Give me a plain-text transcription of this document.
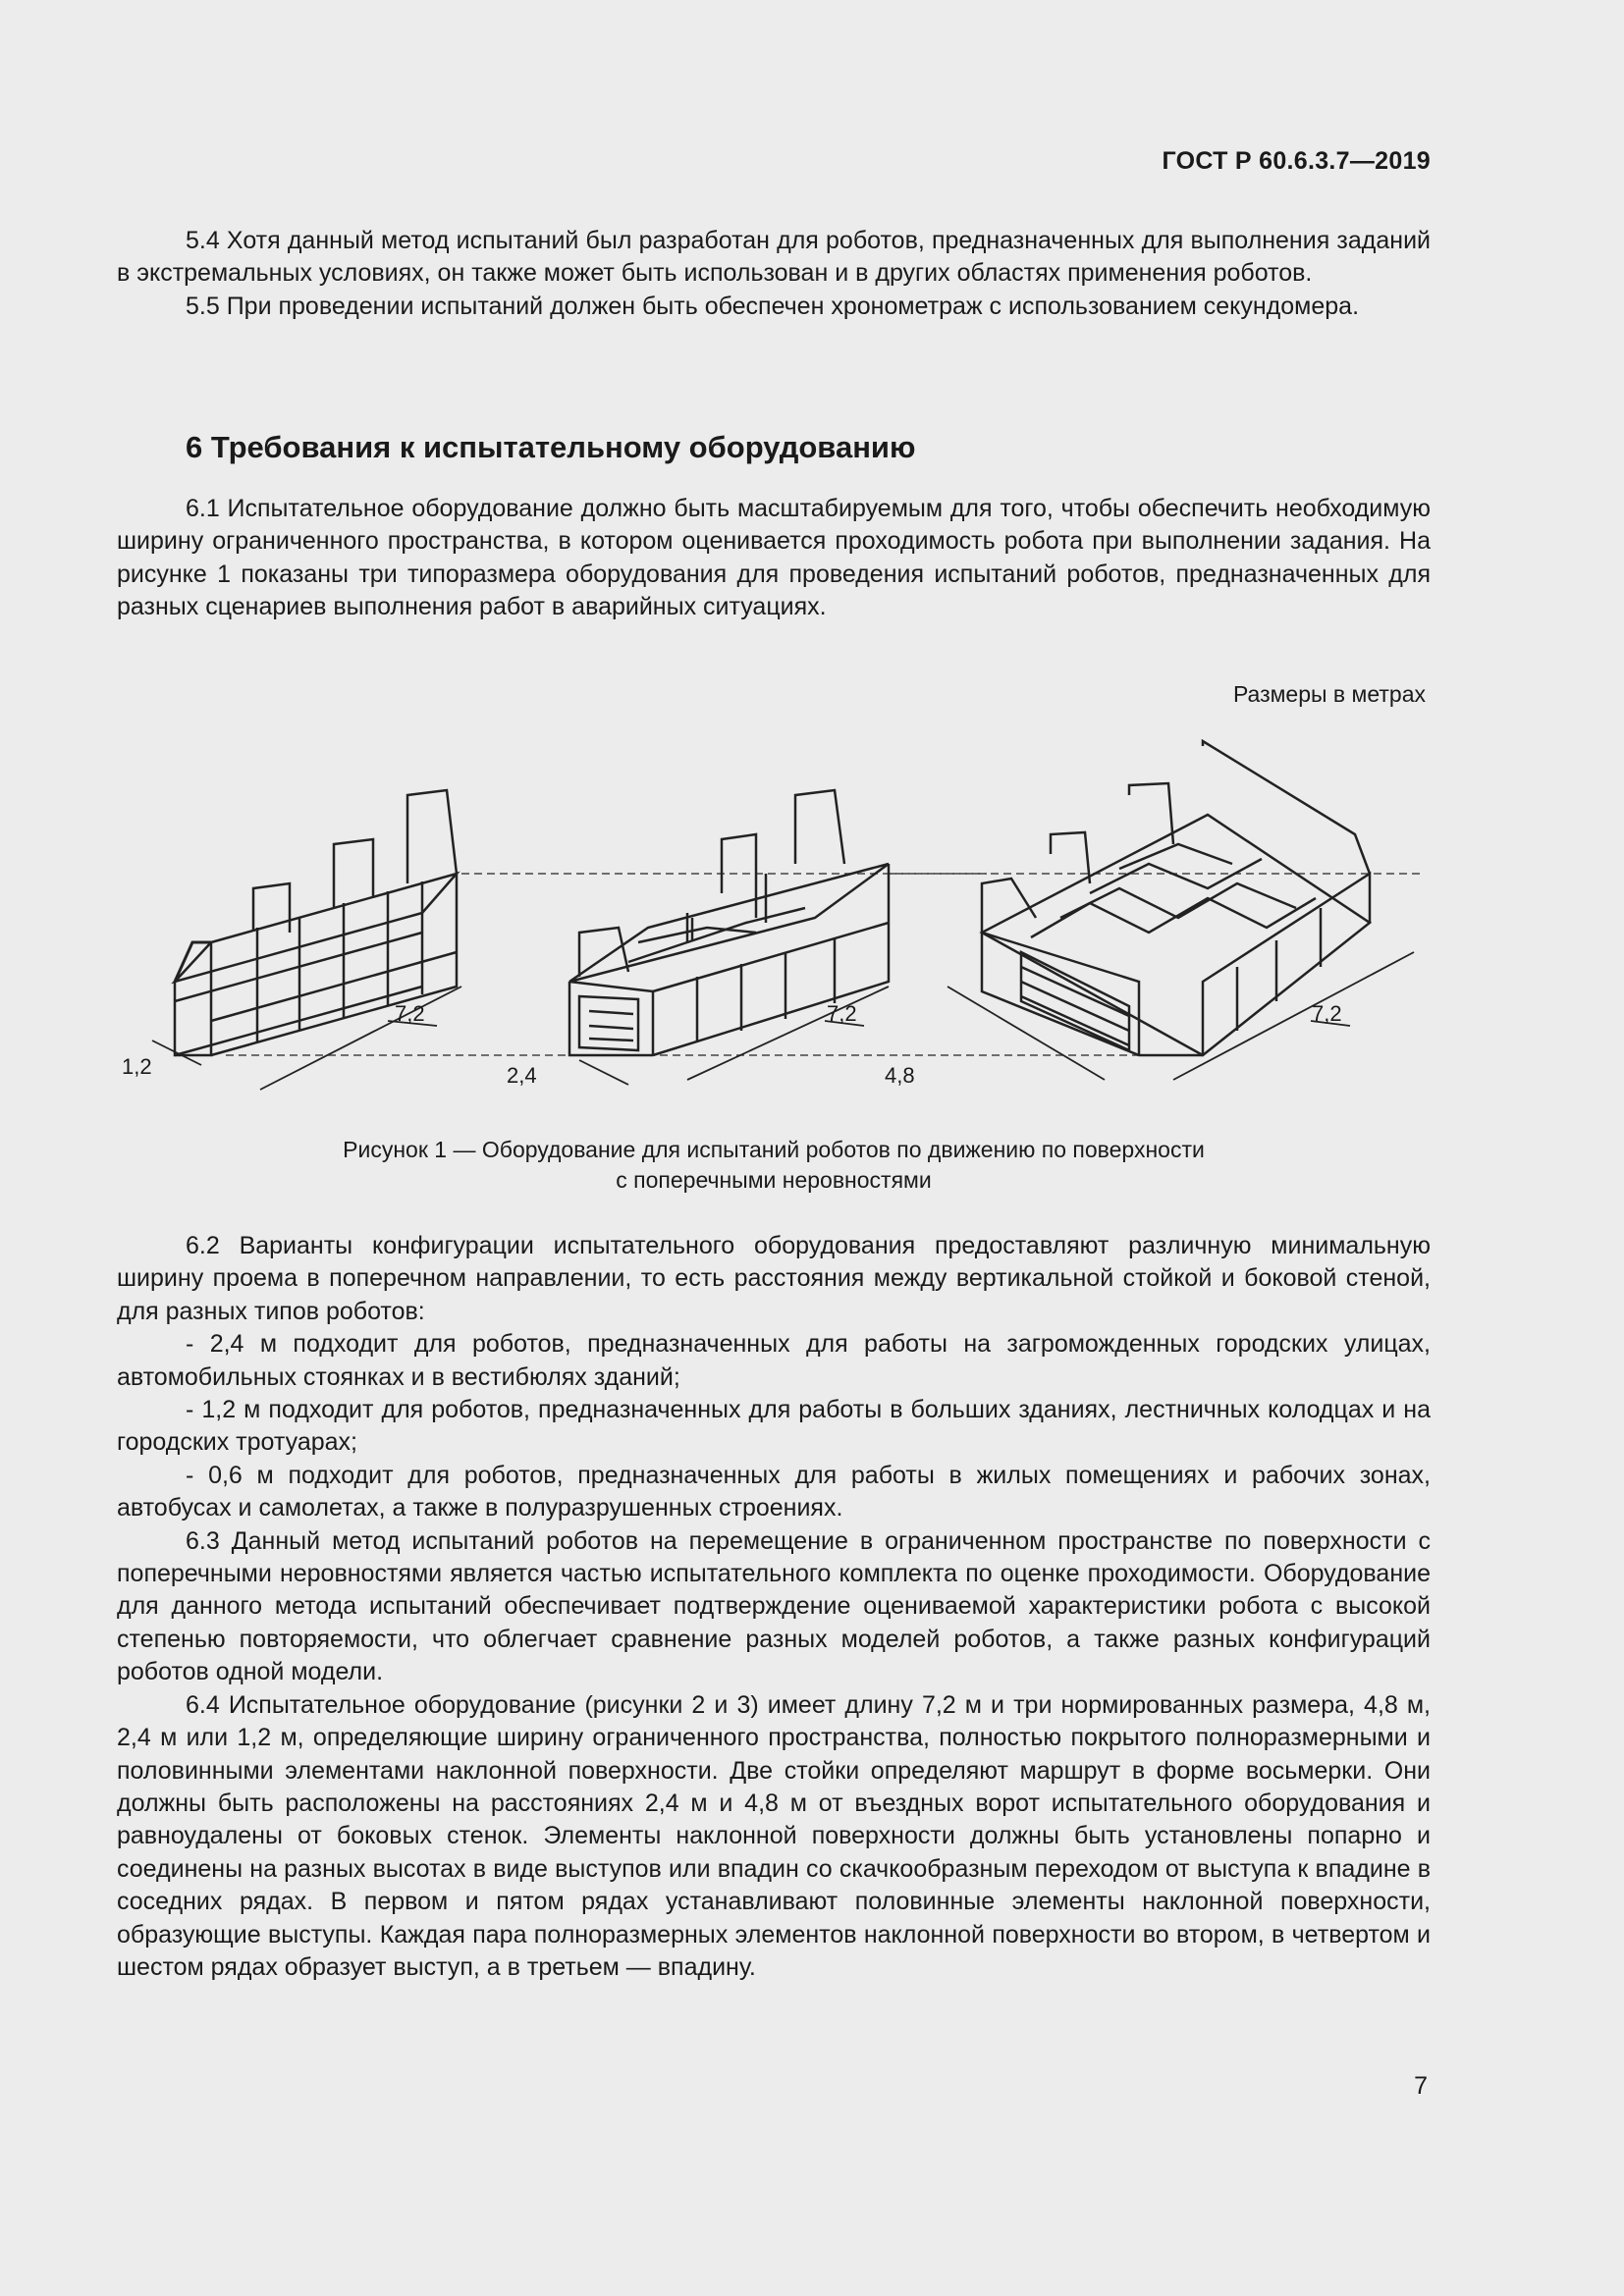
ГОСТ Р 60.6.3.7—2019

5.4 Хотя данный метод испытаний был разработан для роботов, предназначенных для выполнения заданий в экстремальных условиях, он также может быть использован и в других областях применения роботов.

5.5 При проведении испытаний должен быть обеспечен хронометраж с использованием секундомера.

6 Требования к испытательному оборудованию

6.1 Испытательное оборудование должно быть масштабируемым для того, чтобы обеспечить необходимую ширину ограниченного пространства, в котором оценивается проходимость робота при выполнении задания. На рисунке 1 показаны три типоразмера оборудования для проведения испытаний роботов, предназначенных для разных сценариев выполнения работ в аварийных ситуациях.

Размеры в метрах
1,2
7,2
2,4
7,2
4,8
7,2
Рисунок 1 — Оборудование для испытаний роботов по движению по поверхности
с поперечными неровностями

6.2 Варианты конфигурации испытательного оборудования предоставляют различную минимальную ширину проема в поперечном направлении, то есть расстояния между вертикальной стойкой и боковой стеной, для разных типов роботов:

- 2,4 м подходит для роботов, предназначенных для работы на загроможденных городских улицах, автомобильных стоянках и в вестибюлях зданий;

- 1,2 м подходит для роботов, предназначенных для работы в больших зданиях, лестничных колодцах и на городских тротуарах;

- 0,6 м подходит для роботов, предназначенных для работы в жилых помещениях и рабочих зонах, автобусах и самолетах, а также в полуразрушенных строениях.

6.3 Данный метод испытаний роботов на перемещение в ограниченном пространстве по поверхности с поперечными неровностями является частью испытательного комплекта по оценке проходимости. Оборудование для данного метода испытаний обеспечивает подтверждение оцениваемой характеристики робота с высокой степенью повторяемости, что облегчает сравнение разных моделей роботов, а также разных конфигураций роботов одной модели.

6.4 Испытательное оборудование (рисунки 2 и 3) имеет длину 7,2 м и три нормированных размера, 4,8 м, 2,4 м или 1,2 м, определяющие ширину ограниченного пространства, полностью покрытого полноразмерными и половинными элементами наклонной поверхности. Две стойки определяют маршрут в форме восьмерки. Они должны быть расположены на расстояниях 2,4 м и 4,8 м от въездных ворот испытательного оборудования и равноудалены от боковых стенок. Элементы наклонной поверхности должны быть установлены попарно и соединены на разных высотах в виде выступов или впадин со скачкообразным переходом от выступа к впадине в соседних рядах. В первом и пятом рядах устанавливают половинные элементы наклонной поверхности, образующие выступы. Каждая пара полноразмерных элементов наклонной поверхности во втором, в четвертом и шестом рядах образует выступ, а в третьем — впадину.

7
